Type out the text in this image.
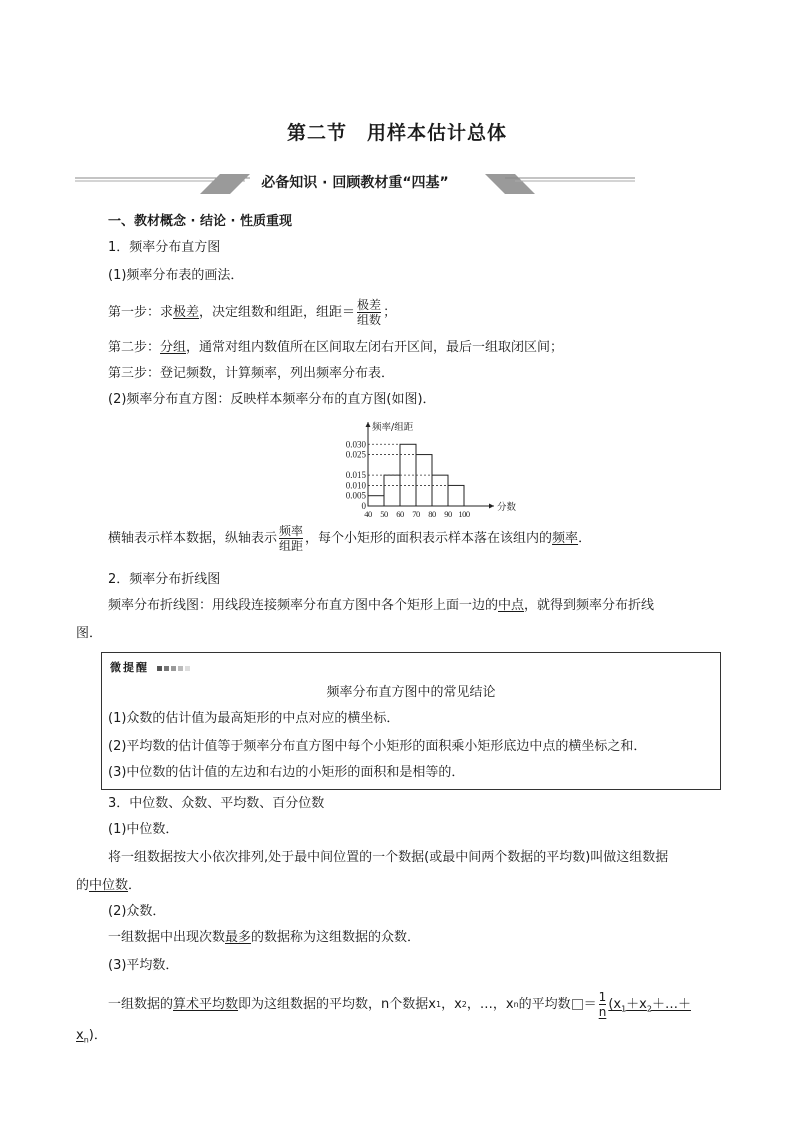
第二节　用样本估计总体
必备知识 · 回顾教材重“四基”
一、教材概念 · 结论 · 性质重现
1．频率分布直方图
(1)频率分布表的画法．
第一步：求 极差 ，决定组数和组距，组距＝ $\frac{\text{极差}}{\text{组数}}$ ；
第二步：分组，通常对组内数值所在区间取左闭右开区间，最后一组取闭区间；
第三步：登记频数，计算频率，列出频率分布表．
(2)频率分布直方图：反映样本频率分布的直方图(如图)．
0
0.005
0.010
0.015
0.025
0.030
40 50 60 70 80 90 100
频率/组距
分数
横轴表示样本数据，纵轴表示 $\frac{\text{频率}}{\text{组距}}$ ，每个小矩形的面积表示样本落在该组内的 频率 ．
2．频率分布折线图
频率分布折线图：用线段连接频率分布直方图中各个矩形上面一边的中点，就得到频率分布折线
图．
微提醒
频率分布直方图中的常见结论
(1)众数的估计值为最高矩形的中点对应的横坐标．
(2)平均数的估计值等于频率分布直方图中每个小矩形的面积乘小矩形底边中点的横坐标之和．
(3)中位数的估计值的左边和右边的小矩形的面积和是相等的．
3．中位数、众数、平均数、百分位数
(1)中位数．
将一组数据按大小依次排列,处于最中间位置的一个数据(或最中间两个数据的平均数)叫做这组数据
的中位数．
(2)众数．
一组数据中出现次数最多的数据称为这组数据的众数．
(3)平均数．
一组数据的 算术平均数 即为这组数据的平均数，n个数据x 1 ，x 2 ，…，x n 的平均数 ＝ $\frac{1}{n}$ ($x_1+x_2+\dots+$
$x_n$)．
